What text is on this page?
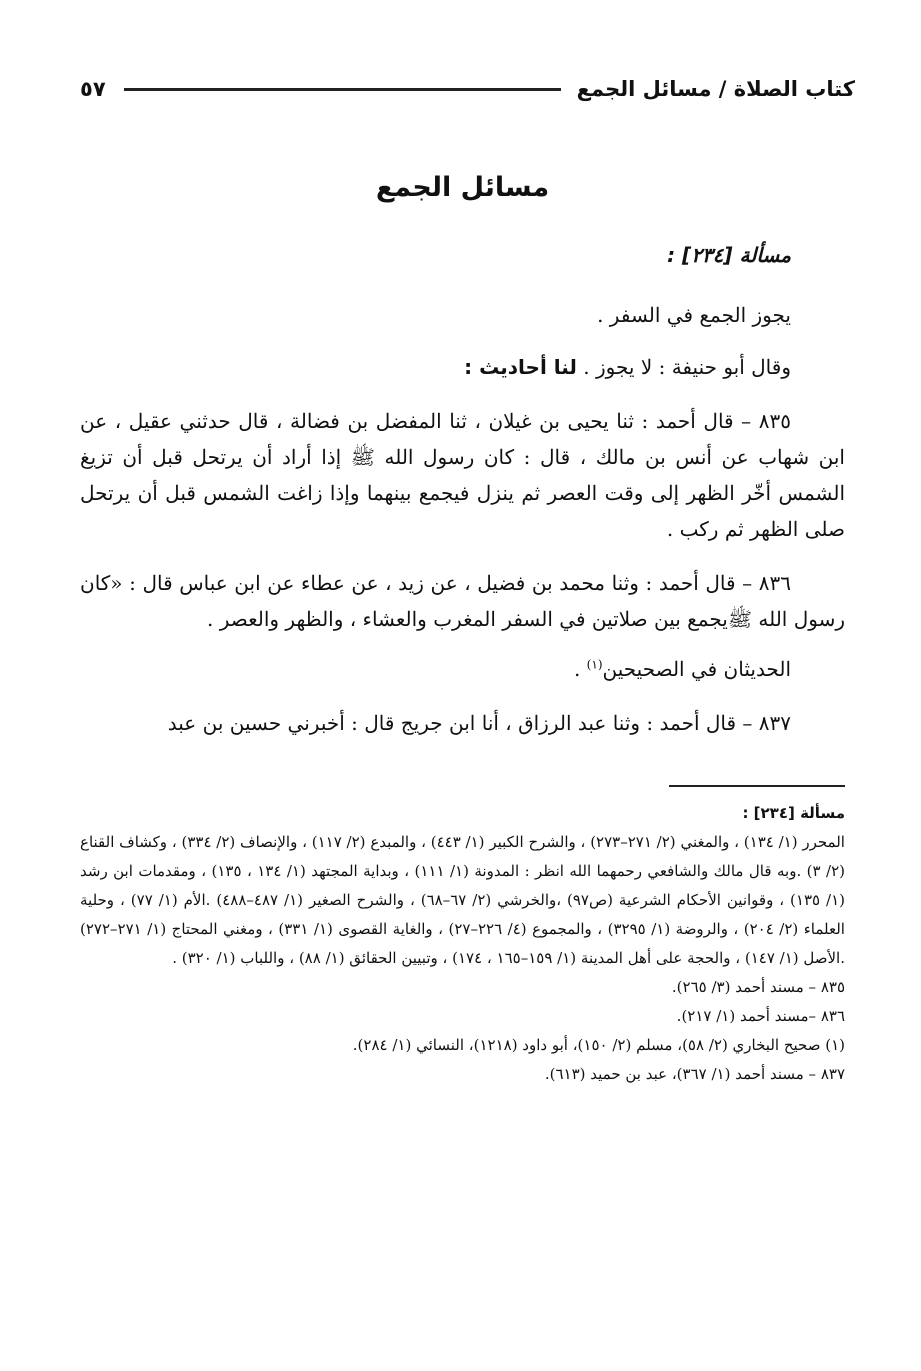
كتاب الصلاة / مسائل الجمع
٥٧
مسائل الجمع
مسألة [٢٣٤] :
يجوز الجمع في السفر .
وقال أبو حنيفة : لا يجوز . لنا أحاديث :
٨٣٥ – قال أحمد : ثنا يحيى بن غيلان ، ثنا المفضل بن فضالة ، قال حدثني عقيل ، عن ابن شهاب عن أنس بن مالك ، قال : كان رسول الله ﷺ إذا أراد أن يرتحل قبل أن تزيغ الشمس أخّر الظهر إلى وقت العصر ثم ينزل فيجمع بينهما وإذا زاغت الشمس قبل أن يرتحل صلى الظهر ثم ركب .
٨٣٦ – قال أحمد : وثنا محمد بن فضيل ، عن زيد ، عن عطاء عن ابن عباس قال : «كان رسول الله ﷺيجمع بين صلاتين في السفر المغرب والعشاء ، والظهر والعصر .
الحديثان في الصحيحين$^{(١)}$ .
٨٣٧ – قال أحمد : وثنا عبد الرزاق ، أنا ابن جريج قال : أخبرني حسين بن عبد
مسألة [٢٣٤] :
المحرر (١/ ١٣٤) ، والمغني (٢/ ٢٧١–٢٧٣) ، والشرح الكبير (١/ ٤٤٣) ، والمبدع (٢/ ١١٧) ، والإنصاف (٢/ ٣٣٤) ، وكشاف القناع (٢/ ٣) .وبه قال مالك والشافعي رحمهما الله انظر : المدونة (١/ ١١١) ، وبداية المجتهد (١/ ١٣٤ ، ١٣٥) ، ومقدمات ابن رشد (١/ ١٣٥) ، وقوانين الأحكام الشرعية (ص٩٧) ،والخرشي (٢/ ٦٧–٦٨) ، والشرح الصغير (١/ ٤٨٧–٤٨٨) .الأم (١/ ٧٧) ، وحلية العلماء (٢/ ٢٠٤) ، والروضة (١/ ٣٢٩٥) ، والمجموع (٤/ ٢٢٦–٢٧) ، والغاية القصوى (١/ ٣٣١) ، ومغني المحتاج (١/ ٢٧١–٢٧٢) .الأصل (١/ ١٤٧) ، والحجة على أهل المدينة (١/ ١٥٩–١٦٥ ، ١٧٤) ، وتبيين الحقائق (١/ ٨٨) ، واللباب (١/ ٣٢٠) .

٨٣٥ – مسند أحمد (٣/ ٢٦٥).

٨٣٦ –مسند أحمد (١/ ٢١٧).

(١) صحيح البخاري (٢/ ٥٨)، مسلم (٢/ ١٥٠)، أبو داود (١٢١٨)، النسائي (١/ ٢٨٤).

٨٣٧ – مسند أحمد (١/ ٣٦٧)، عبد بن حميد (٦١٣).
